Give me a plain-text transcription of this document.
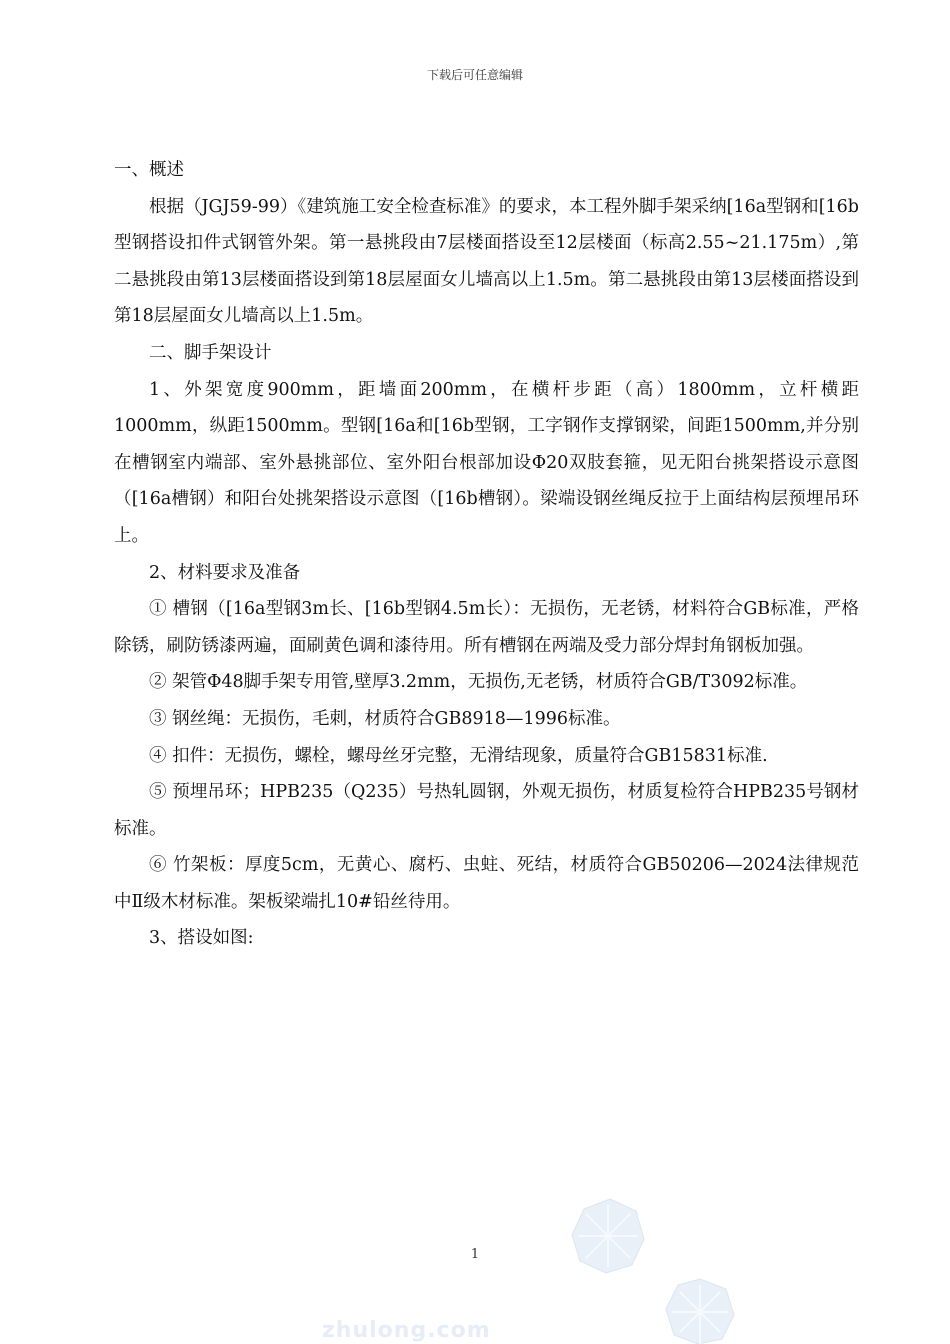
下载后可任意编辑

一、概述

根据（JGJ59-99）《建筑施工安全检查标准》的要求，本工程外脚手架采纳[16a型钢和[16b型钢搭设扣件式钢管外架。第一悬挑段由7层楼面搭设至12层楼面（标高2.55~21.175m）,第二悬挑段由第13层楼面搭设到第18层屋面女儿墙高以上1.5m。第二悬挑段由第13层楼面搭设到第18层屋面女儿墙高以上1.5m。

二、脚手架设计

1、外架宽度900mm，距墙面200mm，在横杆步距（高）1800mm，立杆横距1000mm，纵距1500mm。型钢[16a和[16b型钢，工字钢作支撑钢梁，间距1500mm,并分别在槽钢室内端部、室外悬挑部位、室外阳台根部加设Φ20双肢套箍，见无阳台挑架搭设示意图（[16a槽钢）和阳台处挑架搭设示意图（[16b槽钢）。梁端设钢丝绳反拉于上面结构层预埋吊环上。

2、材料要求及准备

① 槽钢（[16a型钢3m长、[16b型钢4.5m长）：无损伤，无老锈，材料符合GB标准，严格除锈，刷防锈漆两遍，面刷黄色调和漆待用。所有槽钢在两端及受力部分焊封角钢板加强。

② 架管Φ48脚手架专用管,壁厚3.2mm，无损伤,无老锈，材质符合GB/T3092标准。

③ 钢丝绳：无损伤，毛刺，材质符合GB8918—1996标准。

④ 扣件：无损伤，螺栓，螺母丝牙完整，无滑结现象，质量符合GB15831标准.

⑤ 预埋吊环；HPB235（Q235）号热轧圆钢，外观无损伤，材质复检符合HPB235号钢材标准。

⑥ 竹架板：厚度5cm，无黄心、腐朽、虫蛀、死结，材质符合GB50206—2024法律规范中Ⅱ级木材标准。架板梁端扎10#铅丝待用。

3、搭设如图:

1
zhulong.com
